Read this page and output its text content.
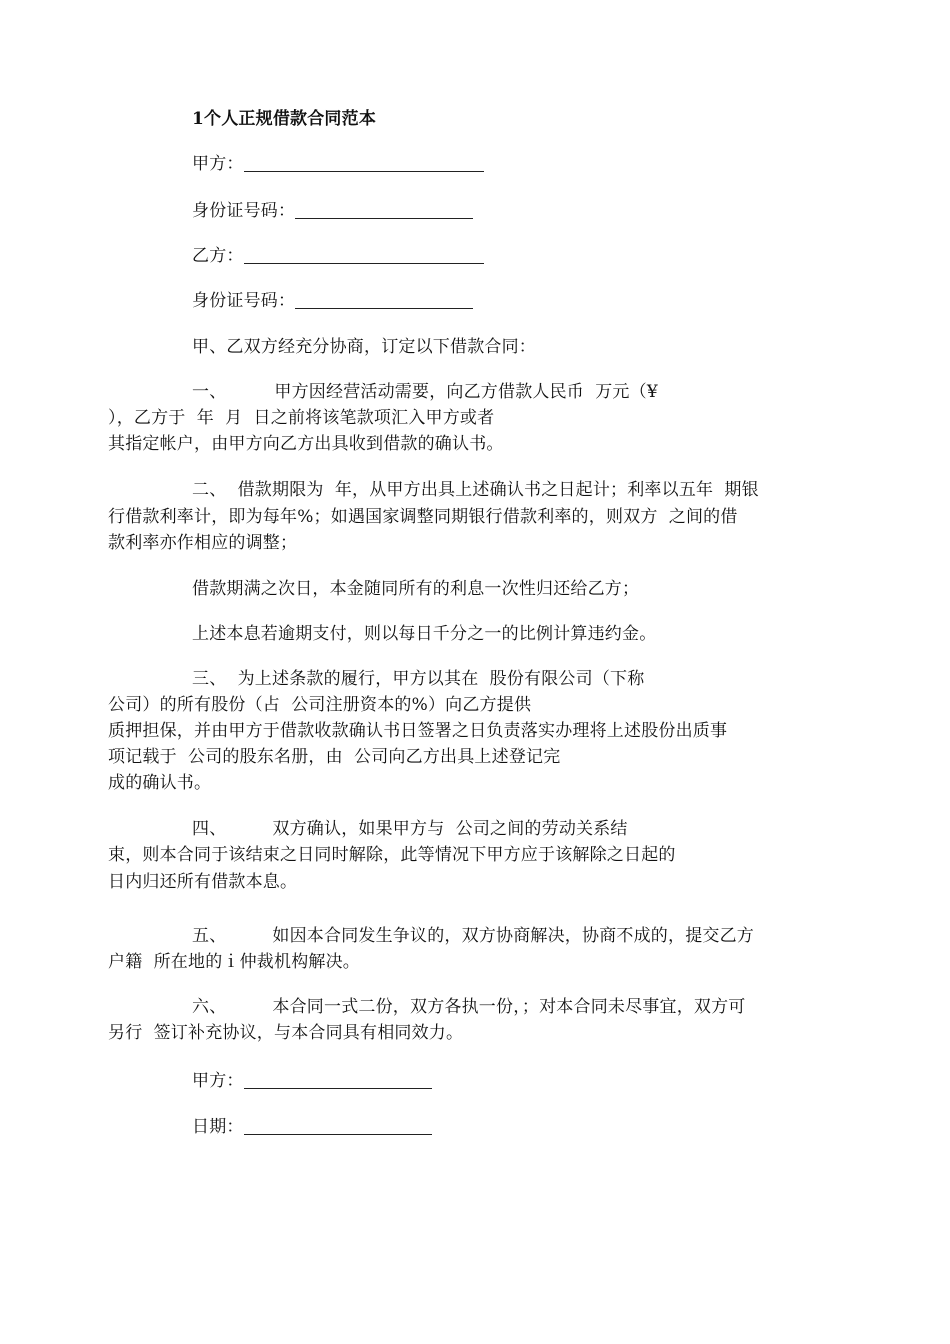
1个人正规借款合同范本
甲方：
身份证号码：
乙方：
身份证号码：
甲、乙双方经充分协商，订定以下借款合同：
一、	甲方因经营活动需要，向乙方借款人民币  万元（¥
），乙方于  年  月  日之前将该笔款项汇入甲方或者
其指定帐户，由甲方向乙方出具收到借款的确认书。
二、  借款期限为  年，从甲方出具上述确认书之日起计；利率以五年  期银
行借款利率计，即为每年%；如遇国家调整同期银行借款利率的，则双方  之间的借
款利率亦作相应的调整；
借款期满之次日，本金随同所有的利息一次性归还给乙方；
上述本息若逾期支付，则以每日千分之一的比例计算违约金。
三、  为上述条款的履行，甲方以其在  股份有限公司（下称
公司）的所有股份（占  公司注册资本的%）向乙方提供
质押担保，并由甲方于借款收款确认书日签署之日负责落实办理将上述股份出质事
项记载于  公司的股东名册，由  公司向乙方出具上述登记完
成的确认书。
四、	双方确认，如果甲方与  公司之间的劳动关系结
束，则本合同于该结束之日同时解除，此等情况下甲方应于该解除之日起的
日内归还所有借款本息。
五、	如因本合同发生争议的，双方协商解决，协商不成的，提交乙方
户籍  所在地的ｉ仲裁机构解决。
六、	本合同一式二份，双方各执一份，；对本合同未尽事宜，双方可
另行  签订补充协议，与本合同具有相同效力。
甲方：
日期：
